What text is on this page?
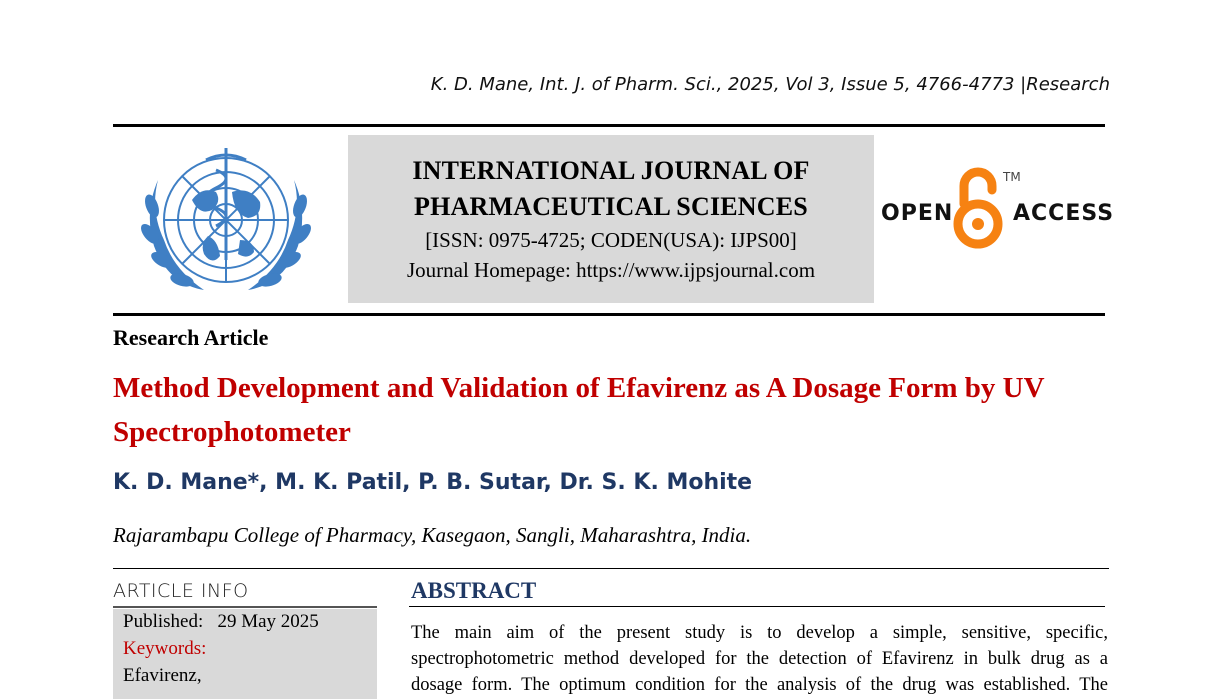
K. D. Mane, Int. J. of Pharm. Sci., 2025, Vol 3, Issue 5, 4766-4773 |Research
INTERNATIONAL JOURNAL OF
PHARMACEUTICAL SCIENCES
[ISSN: 0975-4725; CODEN(USA): IJPS00]
Journal Homepage: https://www.ijpsjournal.com
OPEN
TM
ACCESS
Research Article
Method Development and Validation of Efavirenz as A Dosage Form by UV Spectrophotometer
K. D. Mane*, M. K. Patil, P. B. Sutar, Dr. S. K. Mohite
Rajarambapu College of Pharmacy, Kasegaon, Sangli, Maharashtra, India.
ARTICLE INFO
Published: 29 May 2025
Keywords:
Efavirenz,
ABSTRACT
The main aim of the present study is to develop a simple, sensitive, specific,
spectrophotometric method developed for the detection of Efavirenz in bulk drug as a
dosage form. The optimum condition for the analysis of the drug was established. The
